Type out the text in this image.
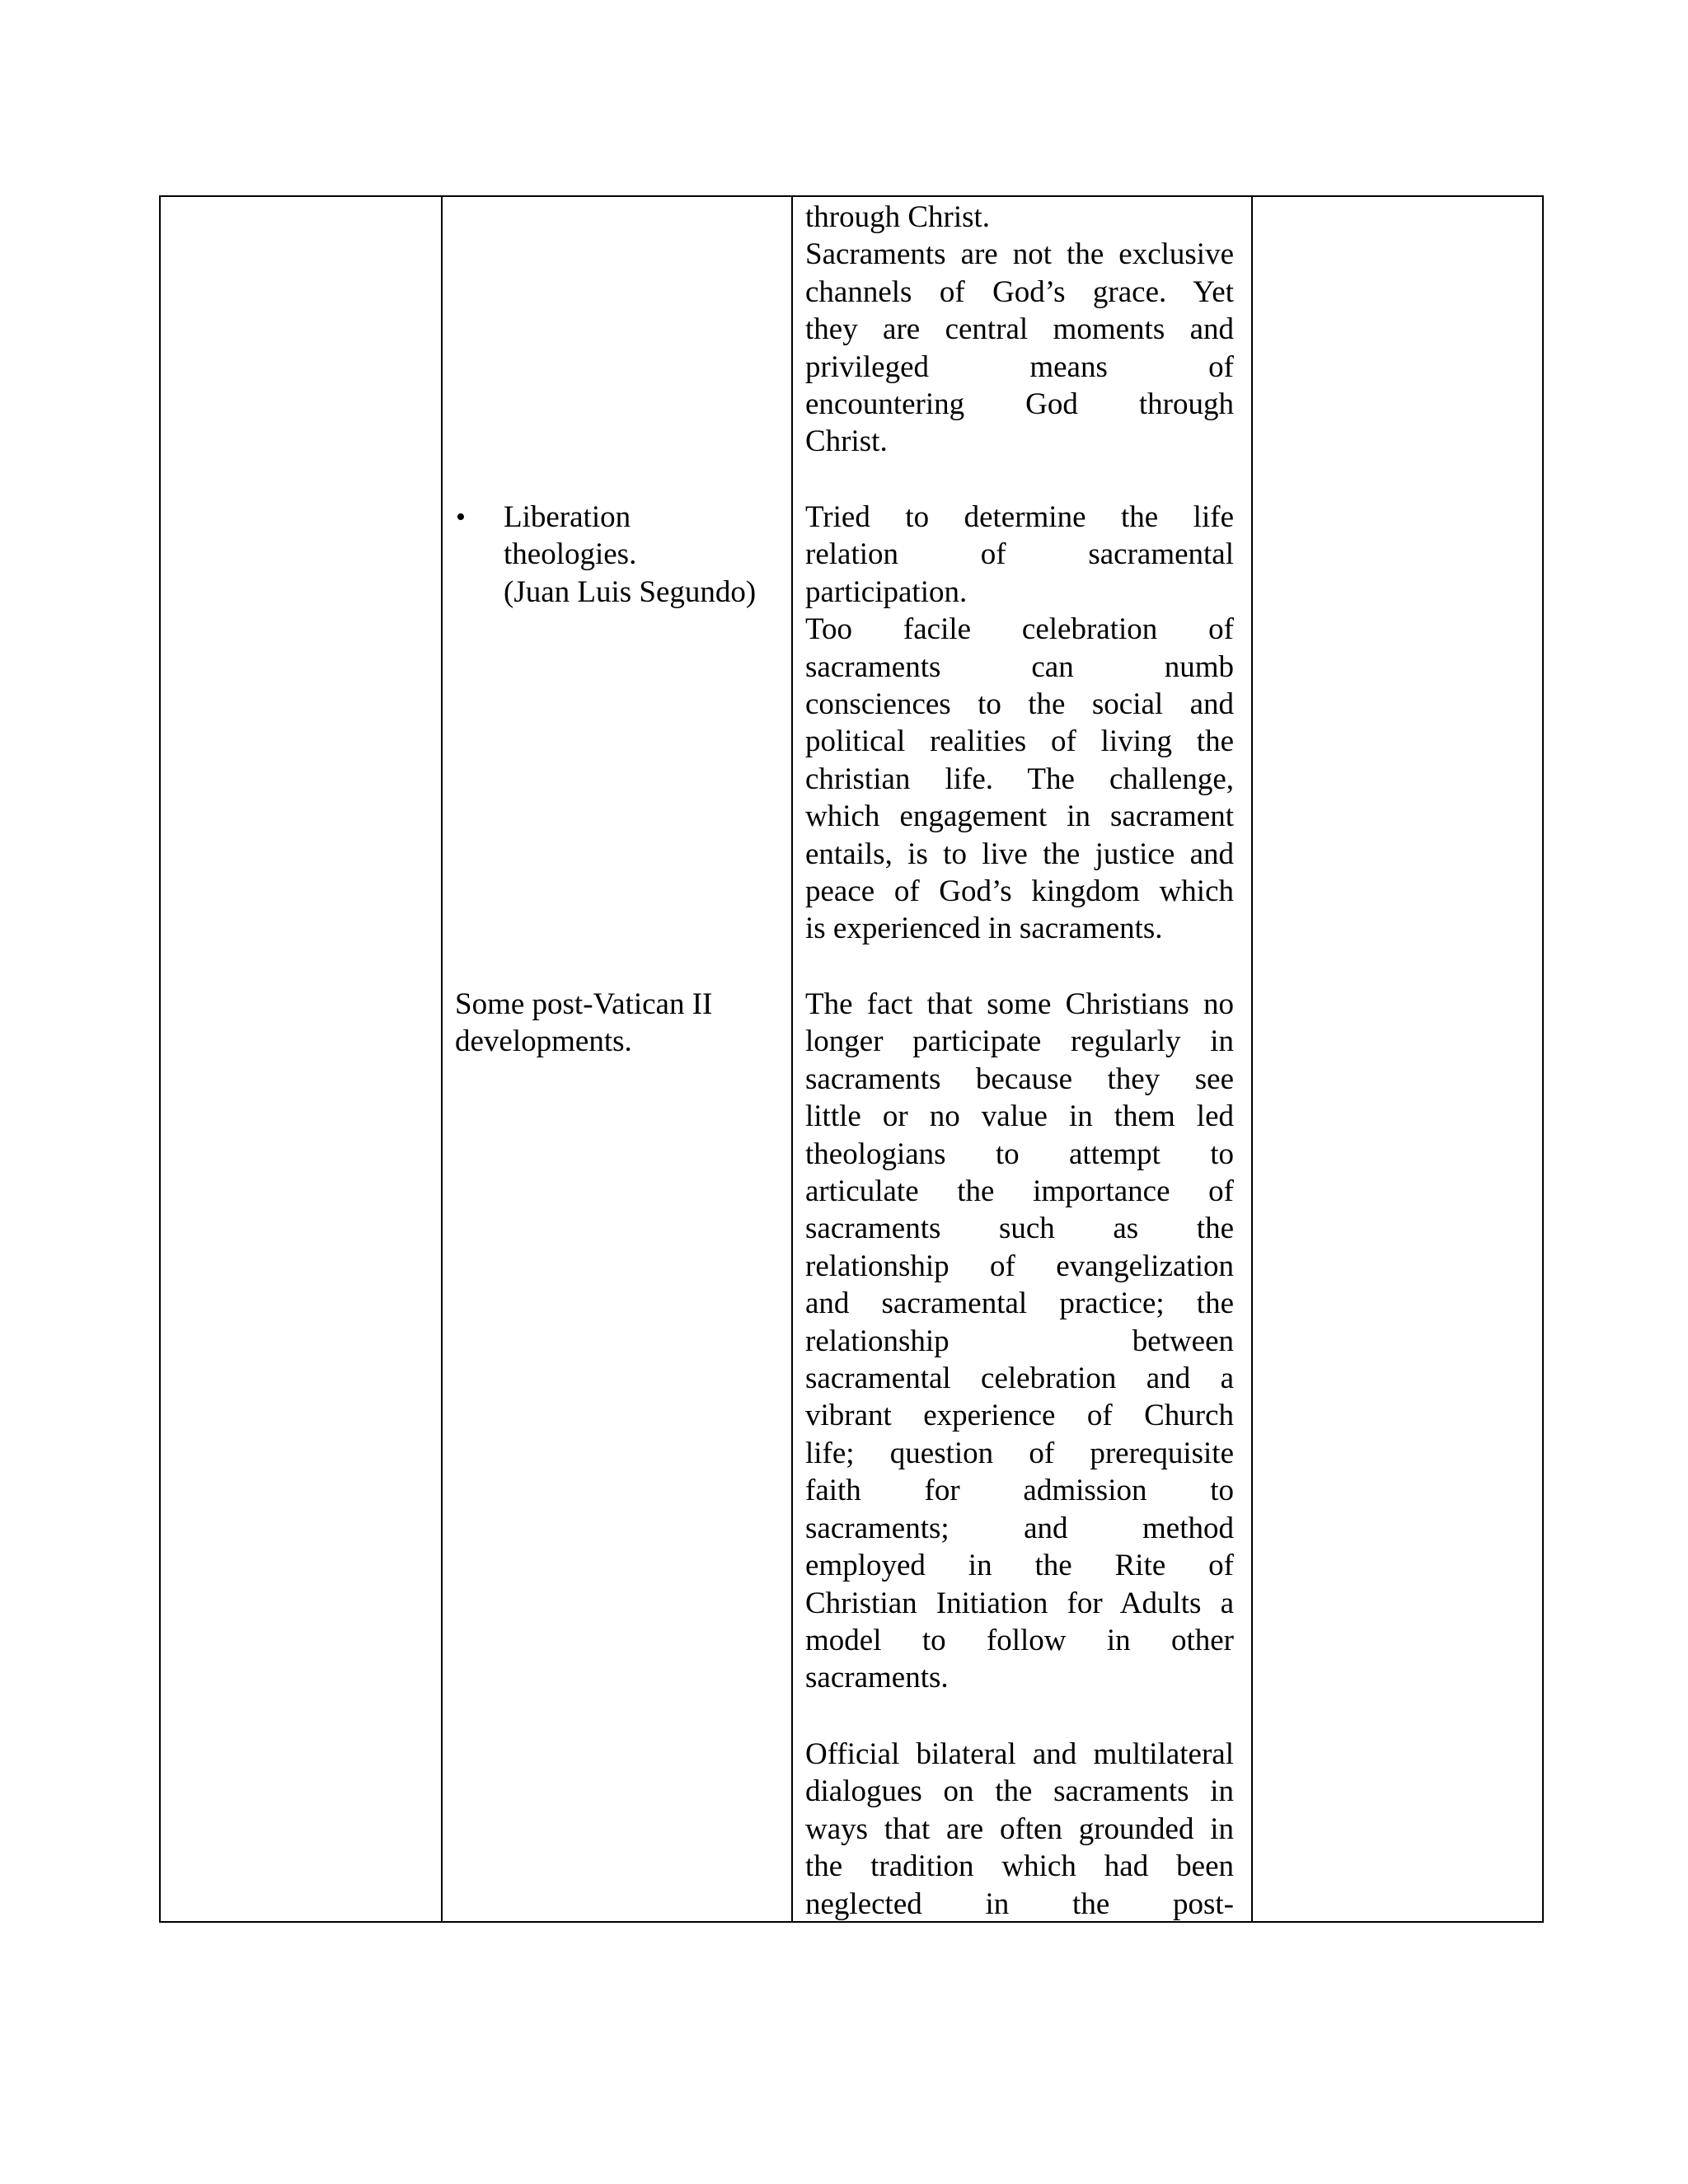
• Liberation
theologies.
(Juan Luis Segundo)
Some post-Vatican II
developments.
through Christ.
Sacraments are not the exclusive
channels of God’s grace. Yet
they are central moments and
privileged means of
encountering God through
Christ.
Tried to determine the life
relation of sacramental
participation.
Too facile celebration of
sacraments can numb
consciences to the social and
political realities of living the
christian life. The challenge,
which engagement in sacrament
entails, is to live the justice and
peace of God’s kingdom which
is experienced in sacraments.
The fact that some Christians no
longer participate regularly in
sacraments because they see
little or no value in them led
theologians to attempt to
articulate the importance of
sacraments such as the
relationship of evangelization
and sacramental practice; the
relationship between
sacramental celebration and a
vibrant experience of Church
life; question of prerequisite
faith for admission to
sacraments; and method
employed in the Rite of
Christian Initiation for Adults a
model to follow in other
sacraments.
Official bilateral and multilateral
dialogues on the sacraments in
ways that are often grounded in
the tradition which had been
neglected in the post-
